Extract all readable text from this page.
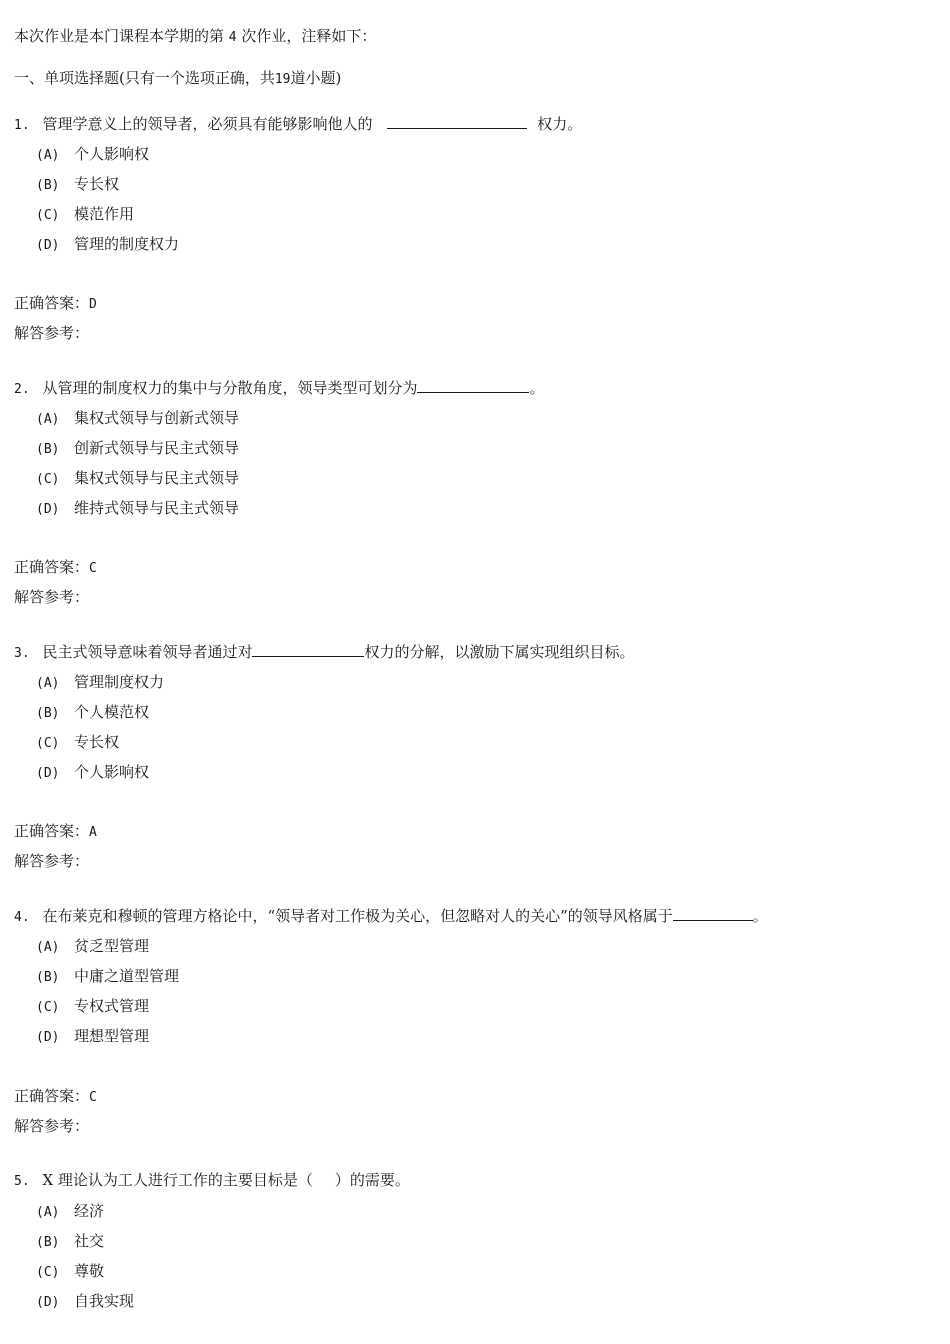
本次作业是本门课程本学期的第 4 次作业，注释如下：
一、单项选择题(只有一个选项正确，共19道小题)
1. 管理学意义上的领导者，必须具有能够影响他人的	权力。
(A) 个人影响权
(B) 专长权
(C) 模范作用
(D) 管理的制度权力
正确答案：D
解答参考：
2. 从管理的制度权力的集中与分散角度，领导类型可划分为	。
(A) 集权式领导与创新式领导
(B) 创新式领导与民主式领导
(C) 集权式领导与民主式领导
(D) 维持式领导与民主式领导
正确答案：C
解答参考：
3. 民主式领导意味着领导者通过对	权力的分解，以激励下属实现组织目标。
(A) 管理制度权力
(B) 个人模范权
(C) 专长权
(D) 个人影响权
正确答案：A
解答参考：
4. 在布莱克和穆顿的管理方格论中，“领导者对工作极为关心，但忽略对人的关心”的领导风格属于	。
(A) 贫乏型管理
(B) 中庸之道型管理
(C) 专权式管理
(D) 理想型管理
正确答案：C
解答参考：
5. X 理论认为工人进行工作的主要目标是（ ）的需要。
(A) 经济
(B) 社交
(C) 尊敬
(D) 自我实现
